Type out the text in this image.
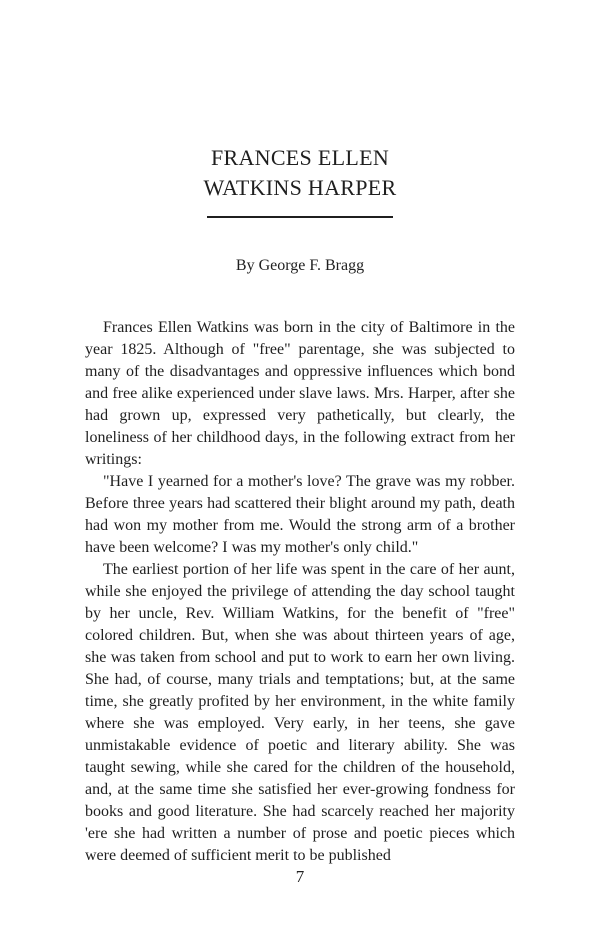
FRANCES ELLEN
WATKINS HARPER
By George F. Bragg

Frances Ellen Watkins was born in the city of Baltimore in the year 1825. Although of "free" parentage, she was subjected to many of the disadvantages and oppressive influences which bond and free alike experienced under slave laws. Mrs. Harper, after she had grown up, expressed very pathetically, but clearly, the loneliness of her childhood days, in the following extract from her writings:

"Have I yearned for a mother's love? The grave was my robber. Before three years had scattered their blight around my path, death had won my mother from me. Would the strong arm of a brother have been welcome? I was my mother's only child."

The earliest portion of her life was spent in the care of her aunt, while she enjoyed the privilege of attending the day school taught by her uncle, Rev. William Watkins, for the benefit of "free" colored children. But, when she was about thirteen years of age, she was taken from school and put to work to earn her own living. She had, of course, many trials and temptations; but, at the same time, she greatly profited by her environment, in the white family where she was employed. Very early, in her teens, she gave unmistakable evidence of poetic and literary ability. She was taught sewing, while she cared for the children of the household, and, at the same time she satisfied her ever-growing fondness for books and good literature. She had scarcely reached her majority 'ere she had written a number of prose and poetic pieces which were deemed of sufficient merit to be published

7
